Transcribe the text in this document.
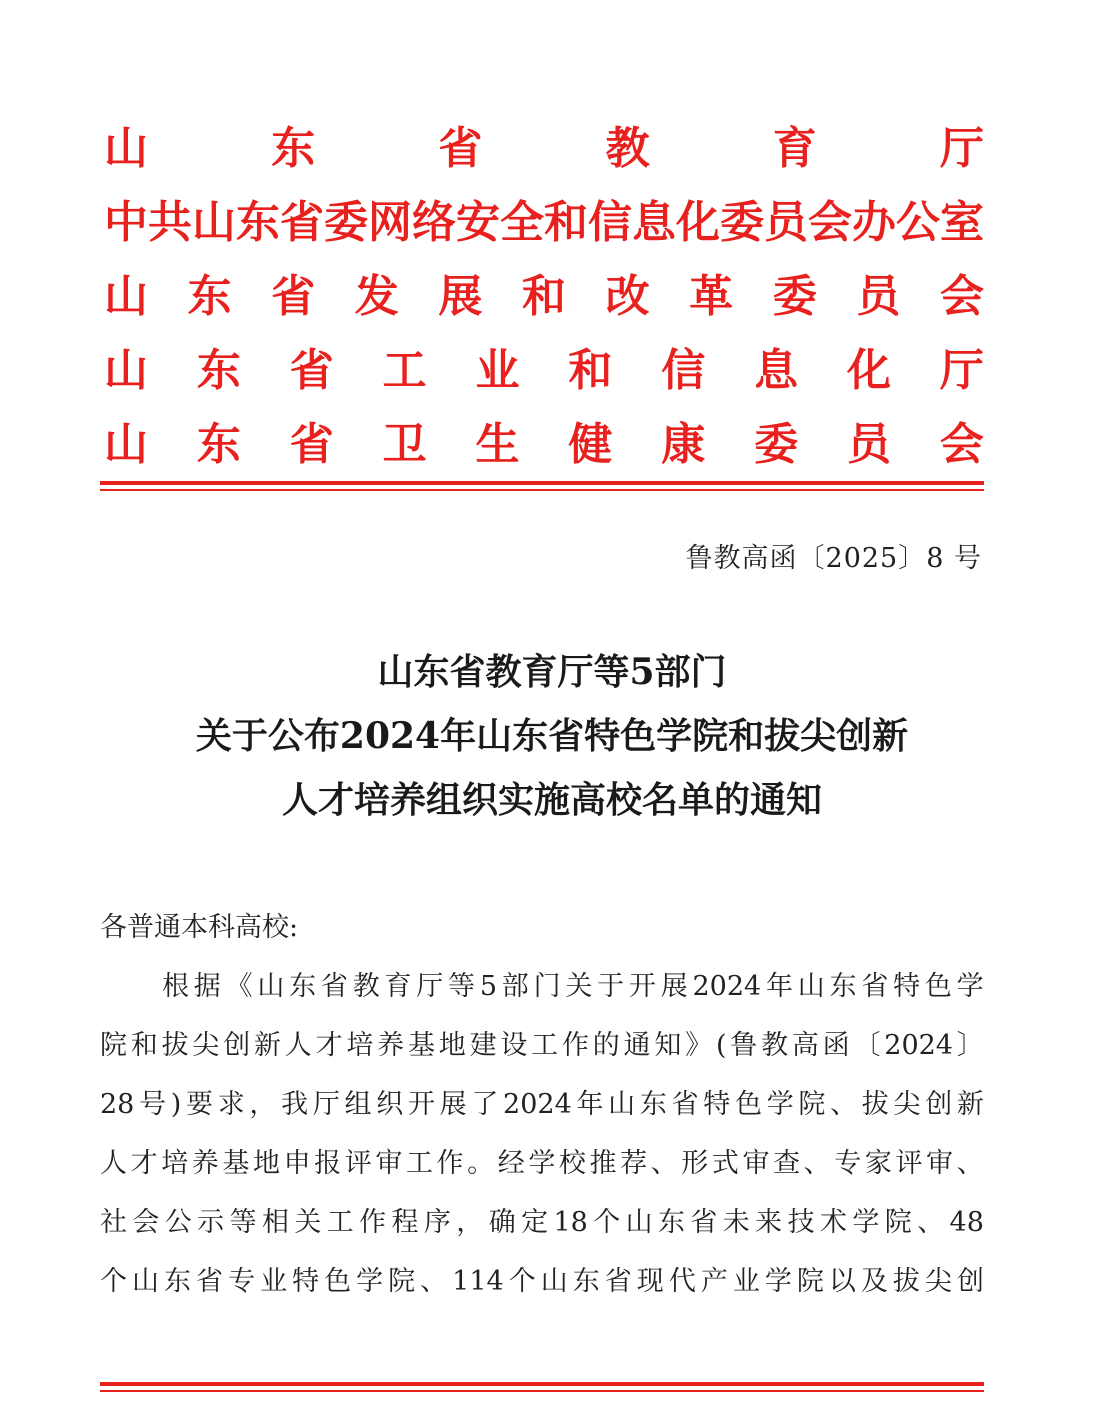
山	东	省	教	育	厅
中 共 山 东 省 委 网 络 安 全 和 信 息 化 委 员 会 办 公 室
山 东 省 发 展 和 改 革 委 员 会
山 东 省 工 业 和 信 息 化 厅
山 东 省 卫 生 健 康 委 员 会
鲁教高函〔2025〕8 号
山东省教育厅等5部门
关于公布2024年山东省特色学院和拔尖创新
人才培养组织实施高校名单的通知
各普通本科高校:
根 据 《 山 东 省 教 育 厅 等 5 部 门 关 于 开 展 2024 年 山 东 省 特 色 学
院 和 拔 尖 创 新 人 才 培 养 基 地 建 设 工 作 的 通 知 》 ( 鲁 教 高 函 〔 2024 〕
28 号 ) 要 求 ， 我 厅 组 织 开 展 了 2024 年 山 东 省 特 色 学 院 、 拔 尖 创 新
人 才 培 养 基 地 申 报 评 审 工 作 。 经 学 校 推 荐 、 形 式 审 查 、 专 家 评 审 、
社 会 公 示 等 相 关 工 作 程 序 ， 确 定 18 个 山 东 省 未 来 技 术 学 院 、 48
个 山 东 省 专 业 特 色 学 院 、 114 个 山 东 省 现 代 产 业 学 院 以 及 拔 尖 创
